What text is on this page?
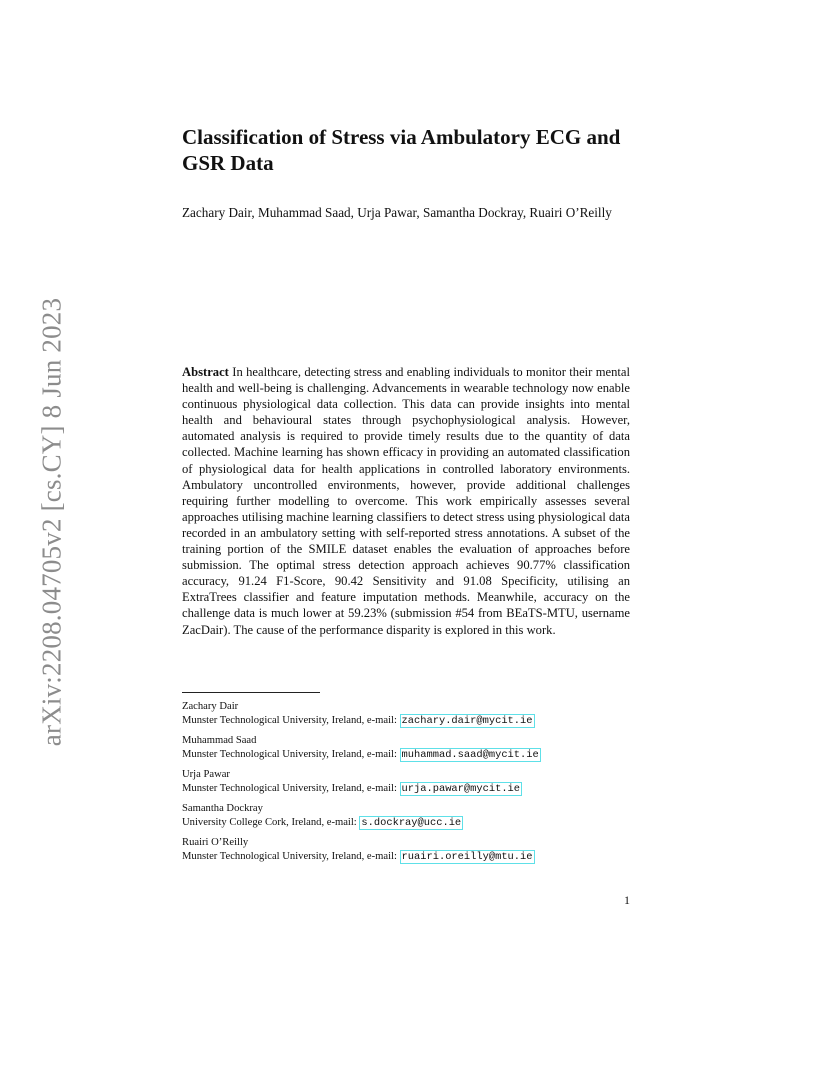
arXiv:2208.04705v2 [cs.CY] 8 Jun 2023
Classification of Stress via Ambulatory ECG and GSR Data

Zachary Dair, Muhammad Saad, Urja Pawar, Samantha Dockray, Ruairi O’Reilly

Abstract In healthcare, detecting stress and enabling individuals to monitor their mental health and well-being is challenging. Advancements in wearable technology now enable continuous physiological data collection. This data can provide insights into mental health and behavioural states through psychophysiological analysis. However, automated analysis is required to provide timely results due to the quantity of data collected. Machine learning has shown efficacy in providing an automated classification of physiological data for health applications in controlled laboratory environments. Ambulatory uncontrolled environments, however, provide additional challenges requiring further modelling to overcome. This work empirically assesses several approaches utilising machine learning classifiers to detect stress using physiological data recorded in an ambulatory setting with self-reported stress annotations. A subset of the training portion of the SMILE dataset enables the evaluation of approaches before submission. The optimal stress detection approach achieves 90.77% classification accuracy, 91.24 F1-Score, 90.42 Sensitivity and 91.08 Specificity, utilising an ExtraTrees classifier and feature imputation methods. Meanwhile, accuracy on the challenge data is much lower at 59.23% (submission #54 from BEaTS-MTU, username ZacDair). The cause of the performance disparity is explored in this work.

Zachary Dair
Munster Technological University, Ireland, e-mail: zachary.dair@mycit.ie
Muhammad Saad
Munster Technological University, Ireland, e-mail: muhammad.saad@mycit.ie
Urja Pawar
Munster Technological University, Ireland, e-mail: urja.pawar@mycit.ie
Samantha Dockray
University College Cork, Ireland, e-mail: s.dockray@ucc.ie
Ruairi O’Reilly
Munster Technological University, Ireland, e-mail: ruairi.oreilly@mtu.ie
1
